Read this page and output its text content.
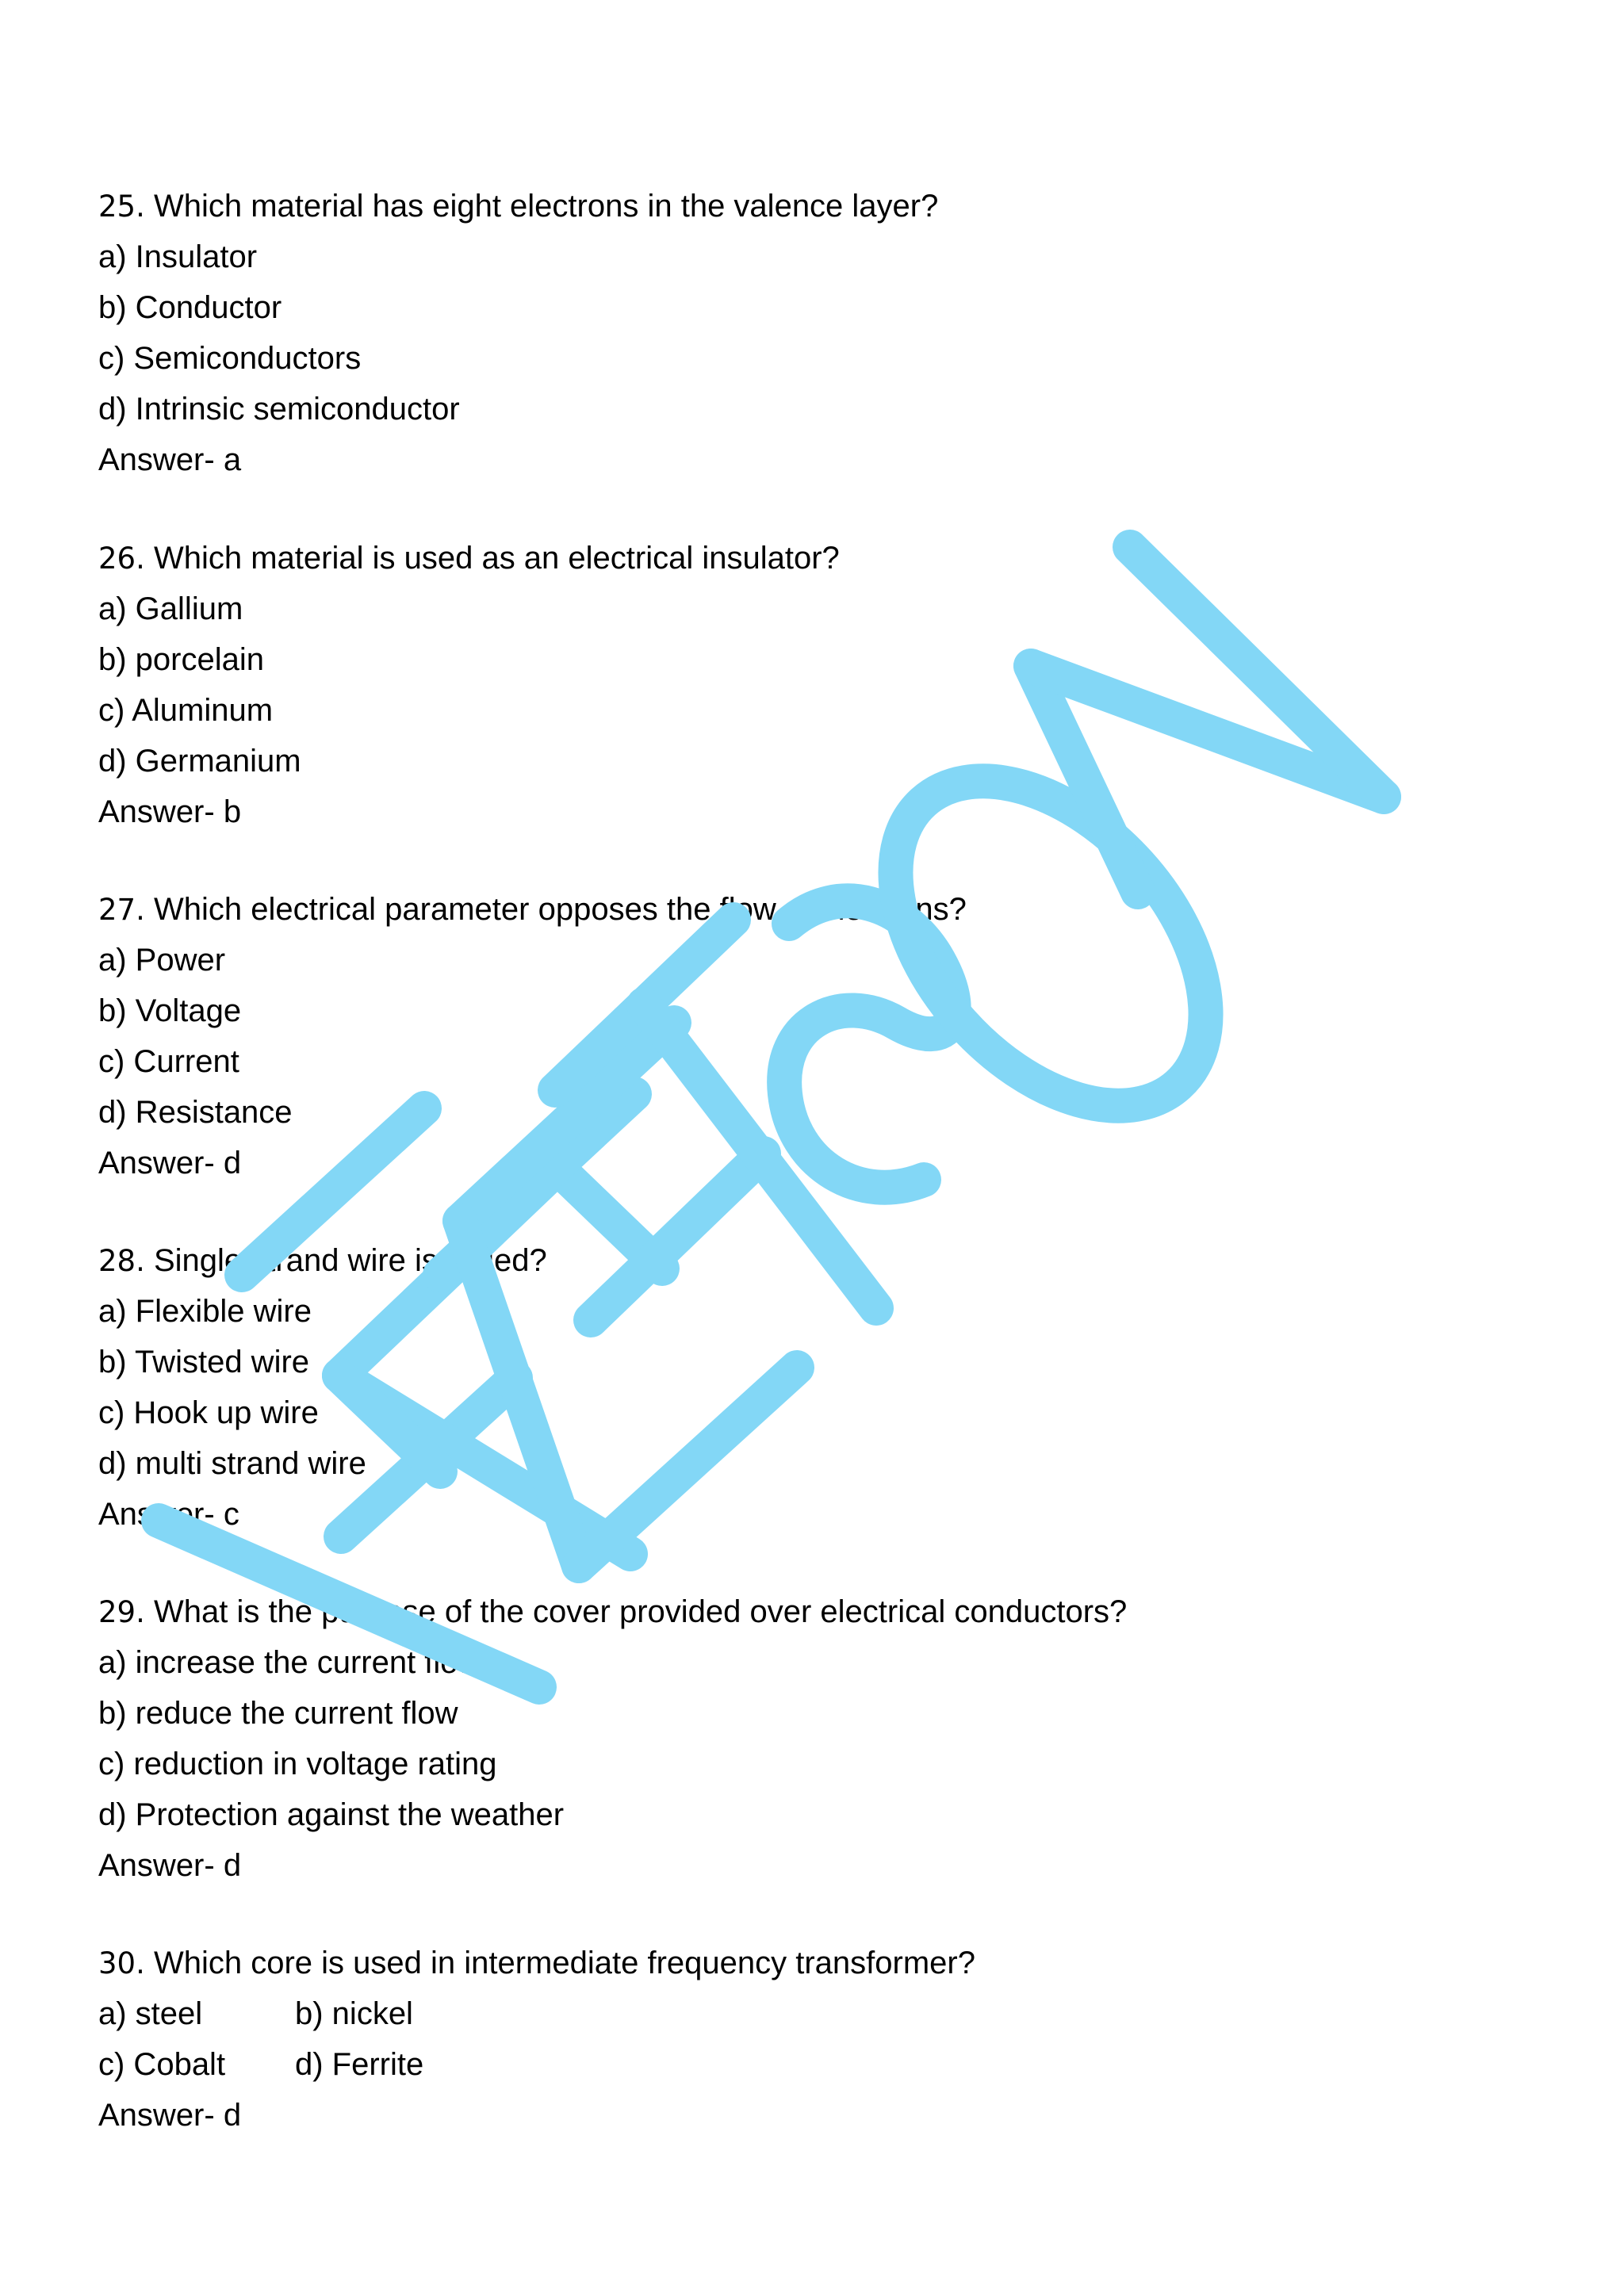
25. Which material has eight electrons in the valence layer?
a) Insulator
b) Conductor
c) Semiconductors
d) Intrinsic semiconductor
Answer- a
26. Which material is used as an electrical insulator?
a) Gallium
b) porcelain
c) Aluminum
d) Germanium
Answer- b
27. Which electrical parameter opposes the flow of electrons?
a) Power
b) Voltage
c) Current
d) Resistance
Answer- d
28. Single strand wire is called?
a) Flexible wire
b) Twisted wire
c) Hook up wire
d) multi strand wire
Answer- c
29. What is the purpose of the cover provided over electrical conductors?
a) increase the current flow
b) reduce the current flow
c) reduction in voltage rating
d) Protection against the weather
Answer- d
30. Which core is used in intermediate frequency transformer?
a) steel	b) nickel
c) Cobalt	d) Ferrite
Answer- d
